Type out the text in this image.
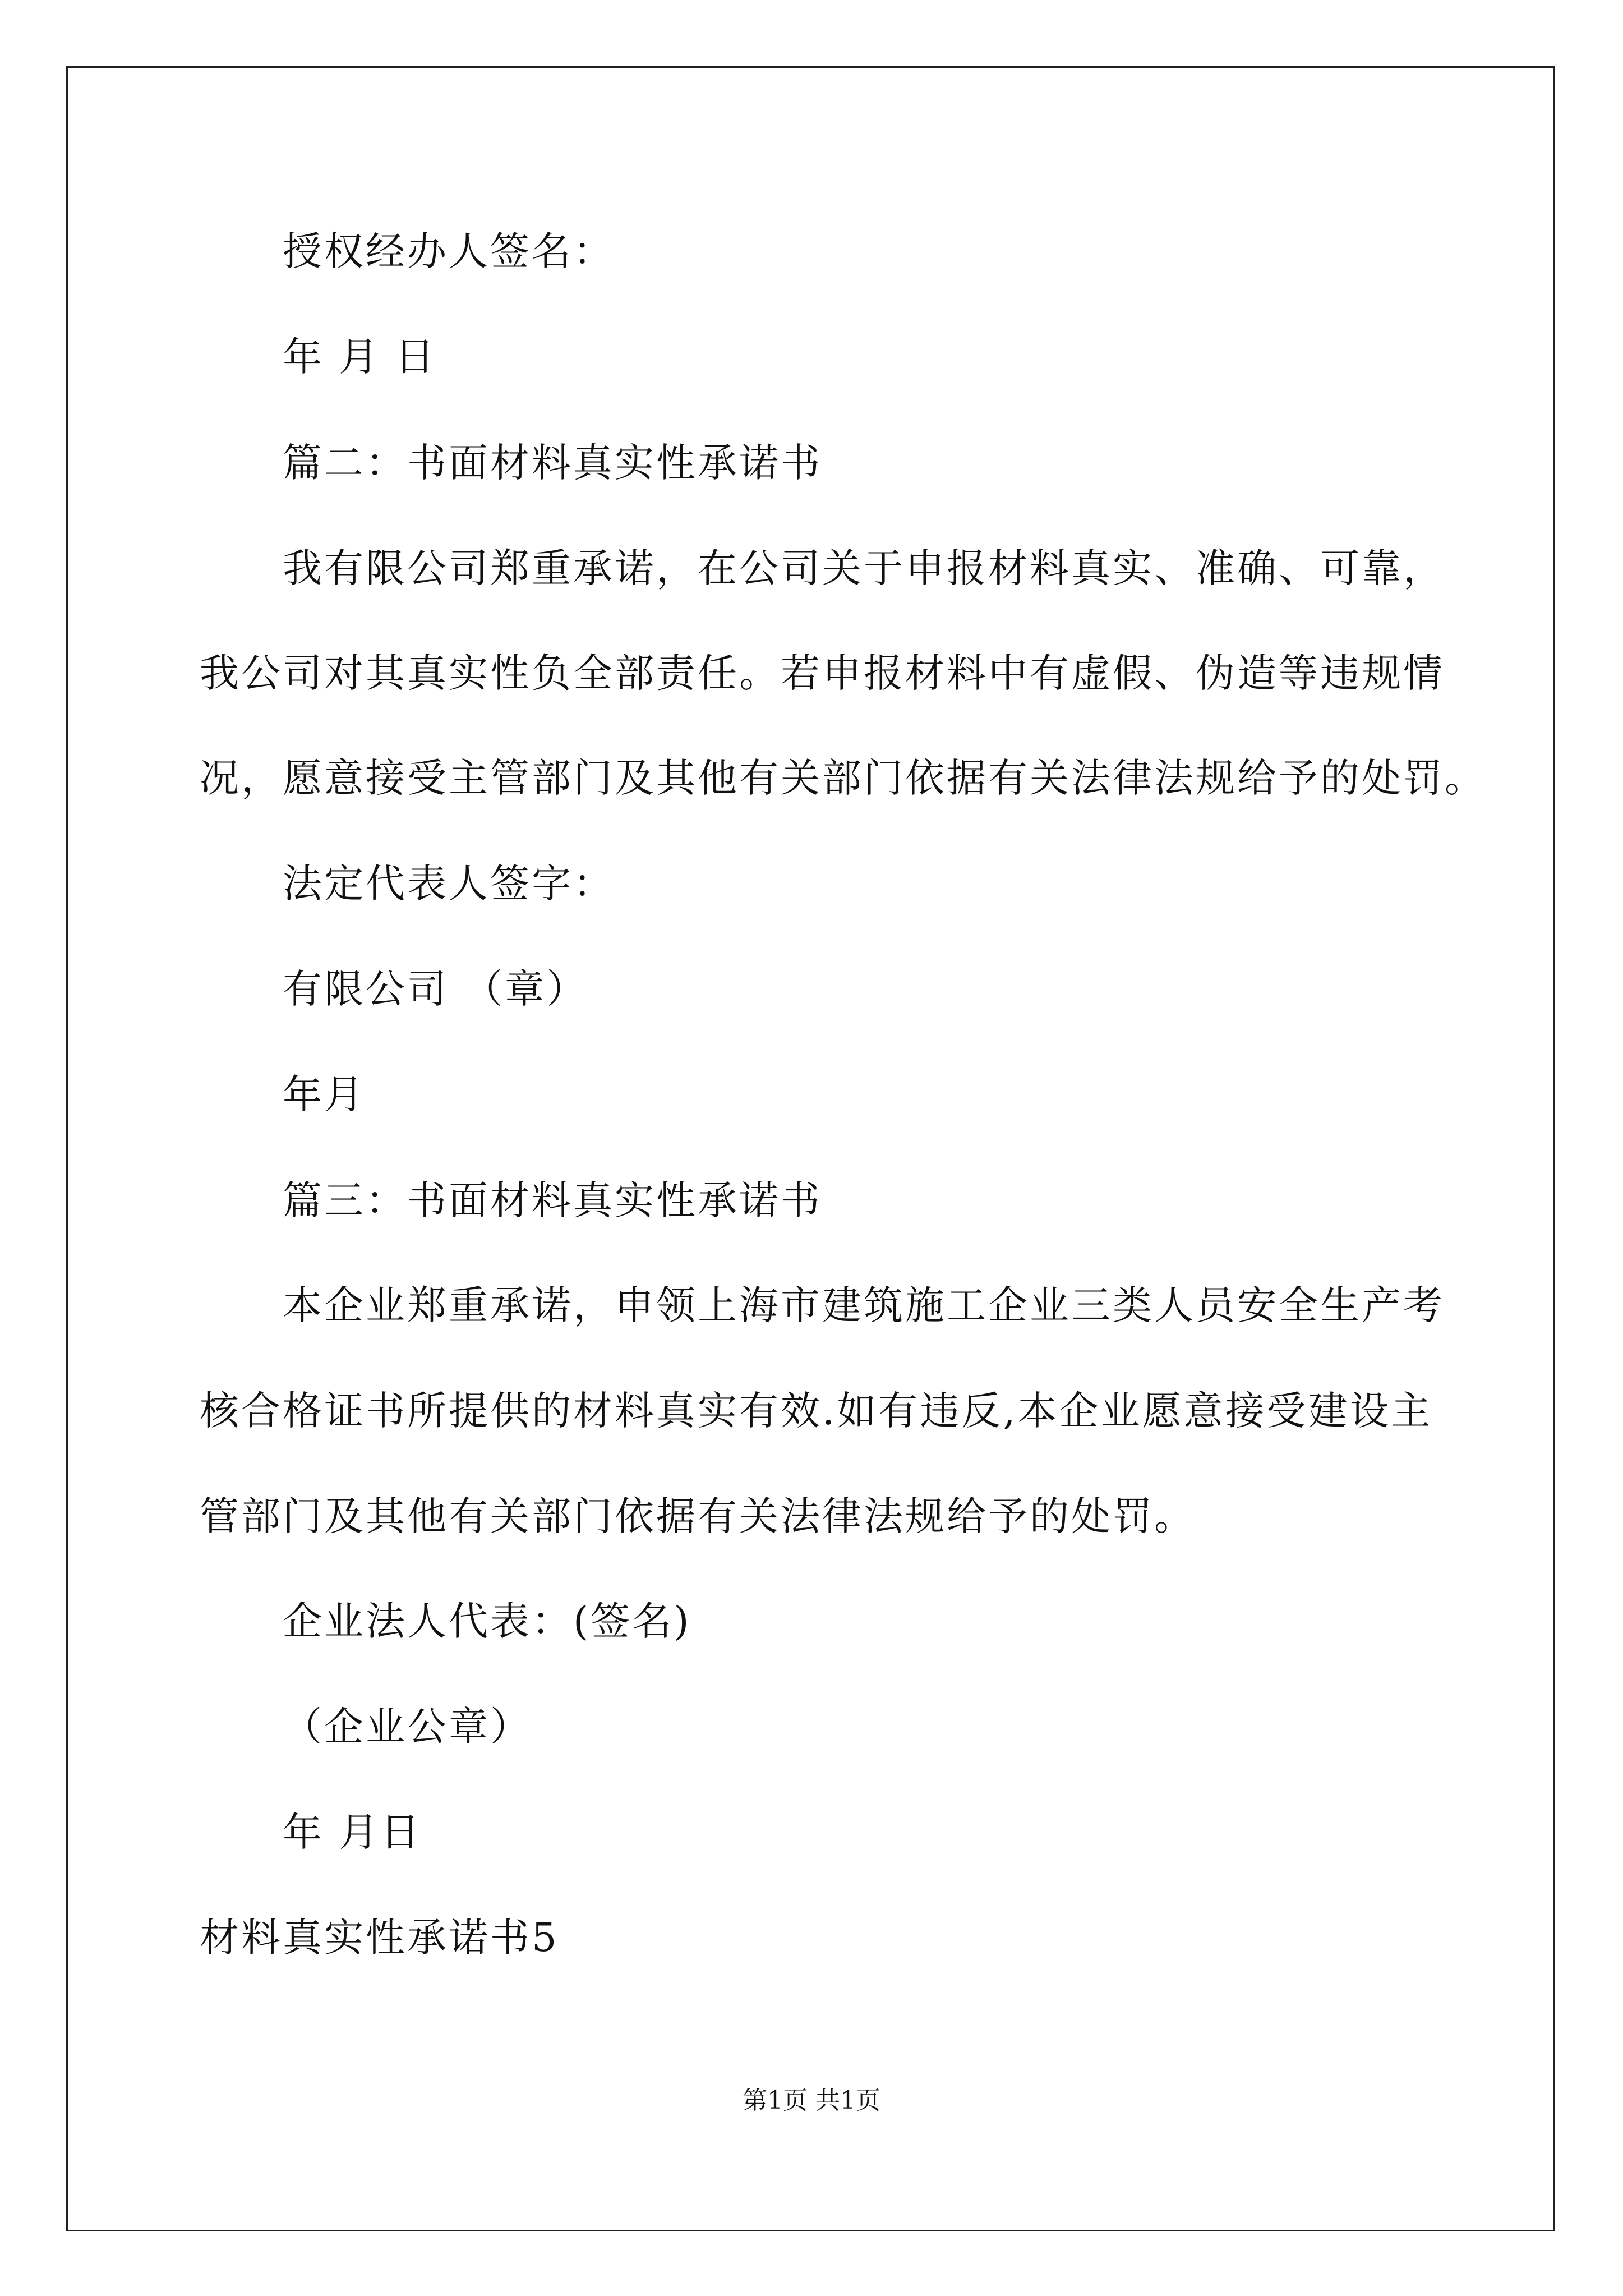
授权经办人签名：
年 月 日
篇二：书面材料真实性承诺书
我有限公司郑重承诺，在公司关于申报材料真实、准确、可靠，
我公司对其真实性负全部责任。若申报材料中有虚假、伪造等违规情
况，愿意接受主管部门及其他有关部门依据有关法律法规给予的处罚。
法定代表人签字：
有限公司 （章）
年月
篇三：书面材料真实性承诺书
本企业郑重承诺，申领上海市建筑施工企业三类人员安全生产考
核合格证书所提供的材料真实有效.如有违反,本企业愿意接受建设主
管部门及其他有关部门依据有关法律法规给予的处罚。
企业法人代表：(签名)
（企业公章）
年 月日
材料真实性承诺书5
第1页 共1页
